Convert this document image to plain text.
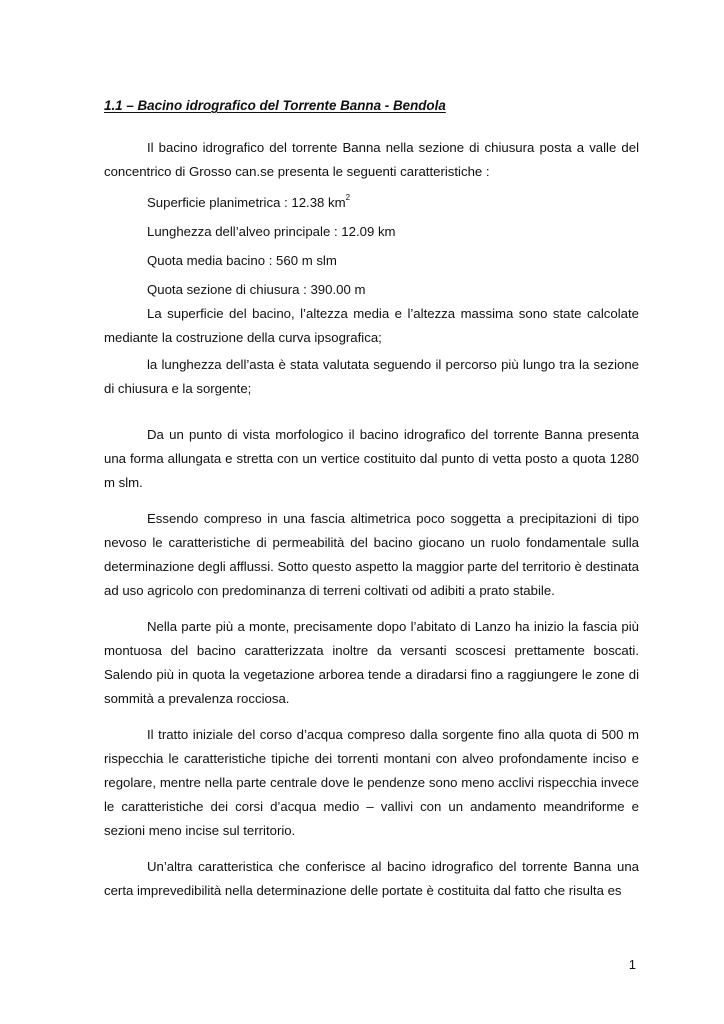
1.1 – Bacino idrografico del Torrente Banna - Bendola

Il bacino idrografico del torrente Banna nella sezione di chiusura posta a valle del concentrico di Grosso can.se presenta le seguenti caratteristiche :

Superficie planimetrica : 12.38 $km^2$

Lunghezza dell’alveo principale : 12.09 km

Quota media bacino : 560 m slm

Quota sezione di chiusura : 390.00 m

La superficie del bacino, l’altezza media e l’altezza massima sono state calcolate mediante la costruzione della curva ipsografica;

la lunghezza dell’asta è stata valutata seguendo il percorso più lungo tra la sezione di chiusura e la sorgente;

Da un punto di vista morfologico il bacino idrografico del torrente Banna presenta una forma allungata e stretta con un vertice costituito dal punto di vetta posto a quota 1280 m slm.

Essendo compreso in una fascia altimetrica poco soggetta a precipitazioni di tipo nevoso le caratteristiche di permeabilità del bacino giocano un ruolo fondamentale sulla determinazione degli afflussi. Sotto questo aspetto la maggior parte del territorio è destinata ad uso agricolo con predominanza di terreni coltivati od adibiti a prato stabile.

Nella parte più a monte, precisamente dopo l’abitato di Lanzo ha inizio la fascia più montuosa del bacino caratterizzata inoltre da versanti scoscesi prettamente boscati. Salendo più in quota la vegetazione arborea tende a diradarsi fino a raggiungere le zone di sommità a prevalenza rocciosa.

Il tratto iniziale del corso d’acqua compreso dalla sorgente fino alla quota di 500 m rispecchia le caratteristiche tipiche dei torrenti montani con alveo profondamente inciso e regolare, mentre nella parte centrale dove le pendenze sono meno acclivi rispecchia invece le caratteristiche dei corsi d’acqua medio – vallivi con un andamento meandriforme e sezioni meno incise sul territorio.

Un’altra caratteristica che conferisce al bacino idrografico del torrente Banna una certa imprevedibilità nella determinazione delle portate è costituita dal fatto che risulta es

1
